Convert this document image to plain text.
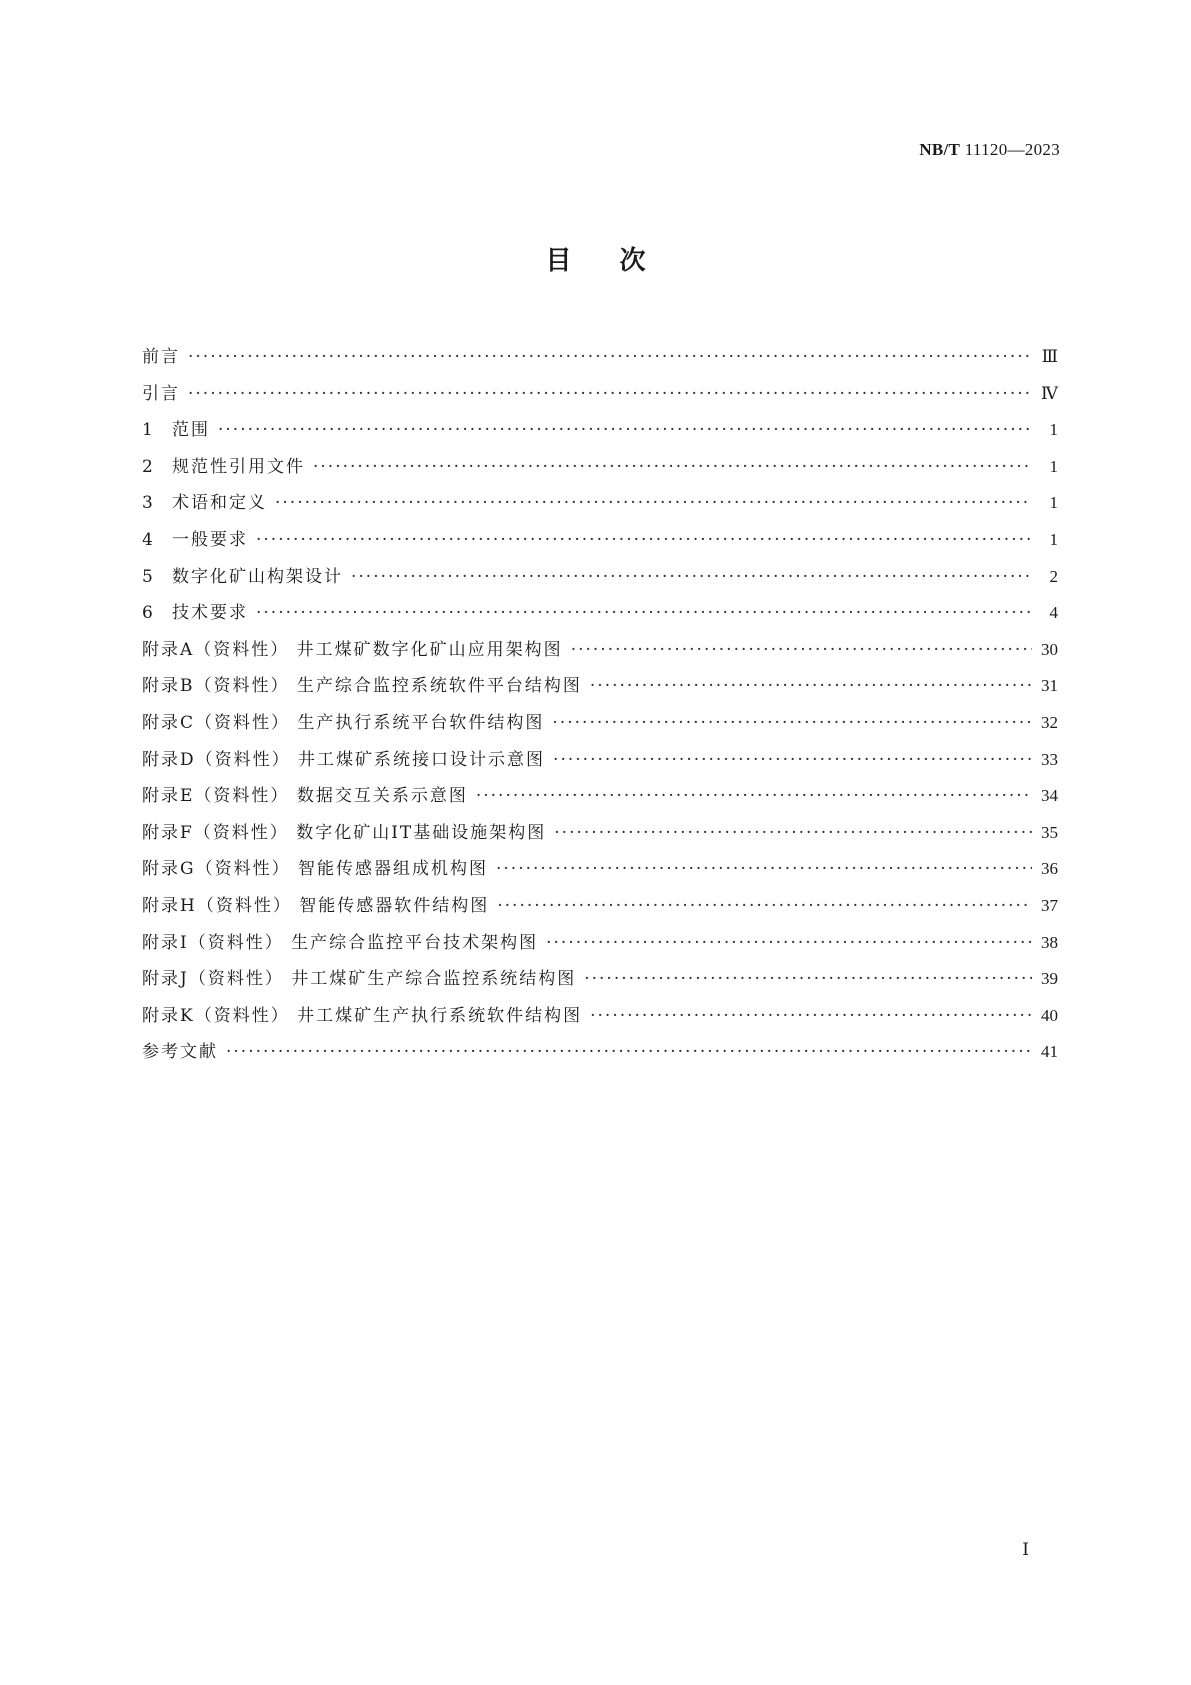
NB/T 11120—2023
目次
前言 ·····	Ⅲ
引言 ·····	Ⅳ
1 范围 ·····	1
2 规范性引用文件 ·····	1
3 术语和定义 ·····	1
4 一般要求 ·····	1
5 数字化矿山构架设计 ·····	2
6 技术要求 ·····	4
附录A（资料性） 井工煤矿数字化矿山应用架构图 ·····	30
附录B（资料性） 生产综合监控系统软件平台结构图 ·····	31
附录C（资料性） 生产执行系统平台软件结构图 ·····	32
附录D（资料性） 井工煤矿系统接口设计示意图 ·····	33
附录E（资料性） 数据交互关系示意图 ·····	34
附录F（资料性） 数字化矿山IT基础设施架构图 ·····	35
附录G（资料性） 智能传感器组成机构图 ·····	36
附录H（资料性） 智能传感器软件结构图 ·····	37
附录I（资料性） 生产综合监控平台技术架构图 ·····	38
附录J（资料性） 井工煤矿生产综合监控系统结构图 ·····	39
附录K（资料性） 井工煤矿生产执行系统软件结构图 ·····	40
参考文献 ·····	41
Ⅰ
